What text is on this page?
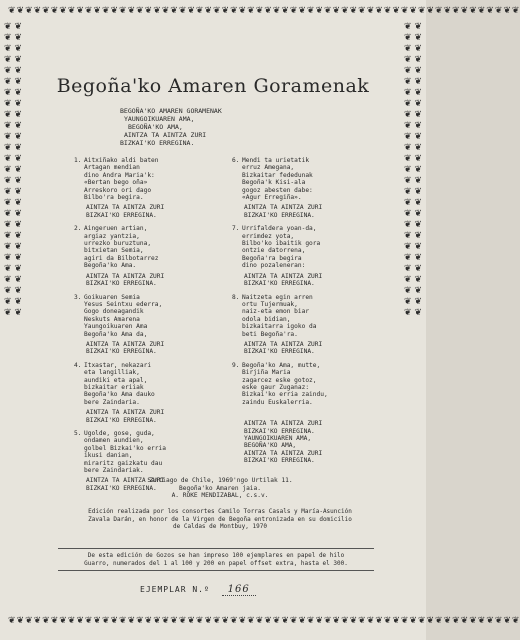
❦❦❦❦❦❦❦❦❦❦❦❦❦❦❦❦❦❦❦❦❦❦❦❦❦❦❦❦❦❦❦❦❦❦❦❦❦❦❦❦❦❦❦❦❦❦❦❦❦❦❦❦❦❦❦❦❦❦❦❦
❦❦❦❦❦❦❦❦❦❦❦❦❦❦❦❦❦❦❦❦❦❦❦❦❦❦❦❦❦❦❦❦❦❦❦❦❦❦❦❦❦❦❦❦❦❦❦❦❦❦❦❦❦❦❦❦❦❦❦❦
❦ ❦ ❦ ❦ ❦ ❦ ❦ ❦ ❦ ❦ ❦ ❦ ❦ ❦ ❦ ❦ ❦ ❦ ❦ ❦ ❦ ❦ ❦ ❦ ❦ ❦ ❦ ❦ ❦ ❦ ❦ ❦ ❦ ❦ ❦ ❦ ❦ ❦ ❦ ❦ ❦ ❦ ❦ ❦ ❦ ❦ ❦ ❦ ❦ ❦ ❦ ❦ ❦ ❦
❦ ❦ ❦ ❦ ❦ ❦ ❦ ❦ ❦ ❦ ❦ ❦ ❦ ❦ ❦ ❦ ❦ ❦ ❦ ❦ ❦ ❦ ❦ ❦ ❦ ❦ ❦ ❦ ❦ ❦ ❦ ❦ ❦ ❦ ❦ ❦ ❦ ❦ ❦ ❦ ❦ ❦ ❦ ❦ ❦ ❦ ❦ ❦ ❦ ❦ ❦ ❦ ❦ ❦
Begoña'ko Amaren Goramenak
BEGOÑA'KO AMAREN GORAMENAK
YAUNGOIKUAREN AMA,
BEGOÑA'KO AMA,
AINTZA TA AINTZA ZURI
BIZKAI'KO ERREGINA.
1. Aitxiñako aldi baten
Artagan mendian
dino Andra Maria'k:
«Bertan bego oña»
Arreskoro ori dago
Bilbo'ra begira.
AINTZA TA AINTZA ZURI
BIZKAI'KO ERREGINA.
2. Aingeruen artian,
argiaz yantzia,
urrezko buruztuna,
bitxietan Semia,
agiri da Bilbotarrez
Begoña'ko Ama.
AINTZA TA AINTZA ZURI
BIZKAI'KO ERREGINA.
3. Goikuaren Semia
Yesus Seintxu ederra,
Gogo doneagandik
Neskuts Amarena
Yaungoikuaren Ama
Begoña'ko Ama da,
AINTZA TA AINTZA ZURI
BIZKAI'KO ERREGINA.
4. Itxastar, nekazari
eta langilliak,
aundiki eta apal,
bizkaitar eriiak
Begoña'ko Ama dauko
bere Zaindaria.
AINTZA TA AINTZA ZURI
BIZKAI'KO ERREGINA.
5. Ugolde, gose, guda,
ondamen aundien,
golbel Bizkai'ko erria
ikusi danian,
miraritz gaizkatu dau
bere Zaindariak.
AINTZA TA AINTZA ZURI
BIZKAI'KO ERREGINA.
6. Mendi ta urietatik
erruz Amegana,
Bizkaitar fededunak
Begoña'k Kisi-ala
gogoz abesten dabe:
«Agur Erregiña».
AINTZA TA AINTZA ZURI
BIZKAI'KO ERREGINA.
7. Urrifaldera yoan-da,
errimdez yota,
Bilbo'ko ibaitik gora
ontzie datorrena,
Begoña'ra begira
dino pozaleneran:
AINTZA TA AINTZA ZURI
BIZKAI'KO ERREGINA.
8. Naitzeta egin arren
ortu Tujermuak,
naiz-eta emon biar
odola bidian,
bizkaitarra igoko da
beti Begoña'ra.
AINTZA TA AINTZA ZURI
BIZKAI'KO ERREGINA.
9. Begoña'ko Ama, mutte,
Birjiña Maria
zagarcez eske gotoz,
eske gaur Zuganaz:
Bizkai'ko erria zaindu,
zaindu Euskalerria.
AINTZA TA AINTZA ZURI
BIZKAI'KO ERREGINA.
YAUNGOIKUAREN AMA,
BEGOÑA'KO AMA,
AINTZA TA AINTZA ZURI
BIZKAI'KO ERREGINA.
Santiago de Chile, 1969'ngo Urtilak 11.
Begoña'ko Amaren jaia.
A. ROKE MENDIZABAL, c.s.v.
Edición realizada por los consortes Camilo Torras Casals y María-Asunción
Zavala Darán, en honor de la Virgen de Begoña entronizada en su domicilio
de Caldas de Montbuy, 1970
De esta edición de Gozos se han impreso 100 ejemplares en papel de hilo
Guarro, numerados del 1 al 100 y 200 en papel offset extra, hasta el 300.
EJEMPLAR N.º 166
